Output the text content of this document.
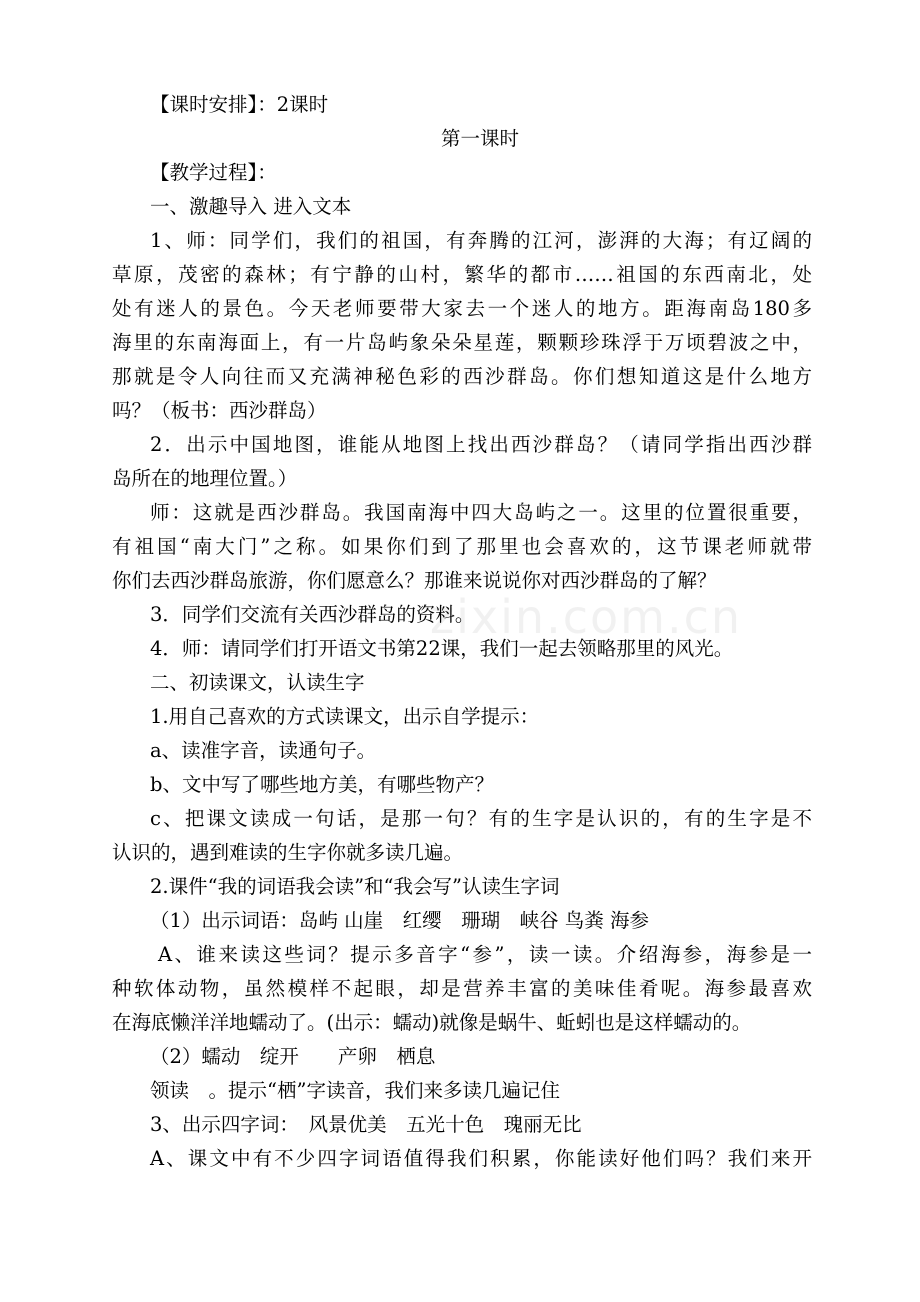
zixin.com.cn
【课时安排】：2课时
第一课时
【教学过程】：
一、激趣导入 进入文本
1、师：同学们，我们的祖国，有奔腾的江河，澎湃的大海；有辽阔的
草原，茂密的森林；有宁静的山村，繁华的都市……祖国的东西南北，处
处有迷人的景色。今天老师要带大家去一个迷人的地方。距海南岛180多
海里的东南海面上，有一片岛屿象朵朵星莲，颗颗珍珠浮于万顷碧波之中，
那就是令人向往而又充满神秘色彩的西沙群岛。你们想知道这是什么地方
吗？（板书：西沙群岛）
2．出示中国地图，谁能从地图上找出西沙群岛？（请同学指出西沙群
岛所在的地理位置。）
师：这就是西沙群岛。我国南海中四大岛屿之一。这里的位置很重要，
有祖国“南大门”之称。如果你们到了那里也会喜欢的，这节课老师就带
你们去西沙群岛旅游，你们愿意么？那谁来说说你对西沙群岛的了解？
3．同学们交流有关西沙群岛的资料。
4．师：请同学们打开语文书第22课，我们一起去领略那里的风光。
二、初读课文，认读生字
1.用自己喜欢的方式读课文，出示自学提示：
a、读准字音，读通句子。
b、文中写了哪些地方美，有哪些物产？
c、把课文读成一句话，是那一句？有的生字是认识的，有的生字是不
认识的，遇到难读的生字你就多读几遍。
2.课件“我的词语我会读”和“我会写”认读生字词
（1）出示词语：岛屿 山崖　红缨　珊瑚　峡谷 鸟粪 海参
A、谁来读这些词？提示多音字“参”，读一读。介绍海参，海参是一
种软体动物，虽然模样不起眼，却是营养丰富的美味佳肴呢。海参最喜欢
在海底懒洋洋地蠕动了。(出示：蠕动)就像是蜗牛、蚯蚓也是这样蠕动的。
（2）蠕动　绽开　　产卵　栖息
领读　。提示“栖”字读音，我们来多读几遍记住
3、出示四字词：　风景优美　五光十色　瑰丽无比
A、课文中有不少四字词语值得我们积累，你能读好他们吗？我们来开
